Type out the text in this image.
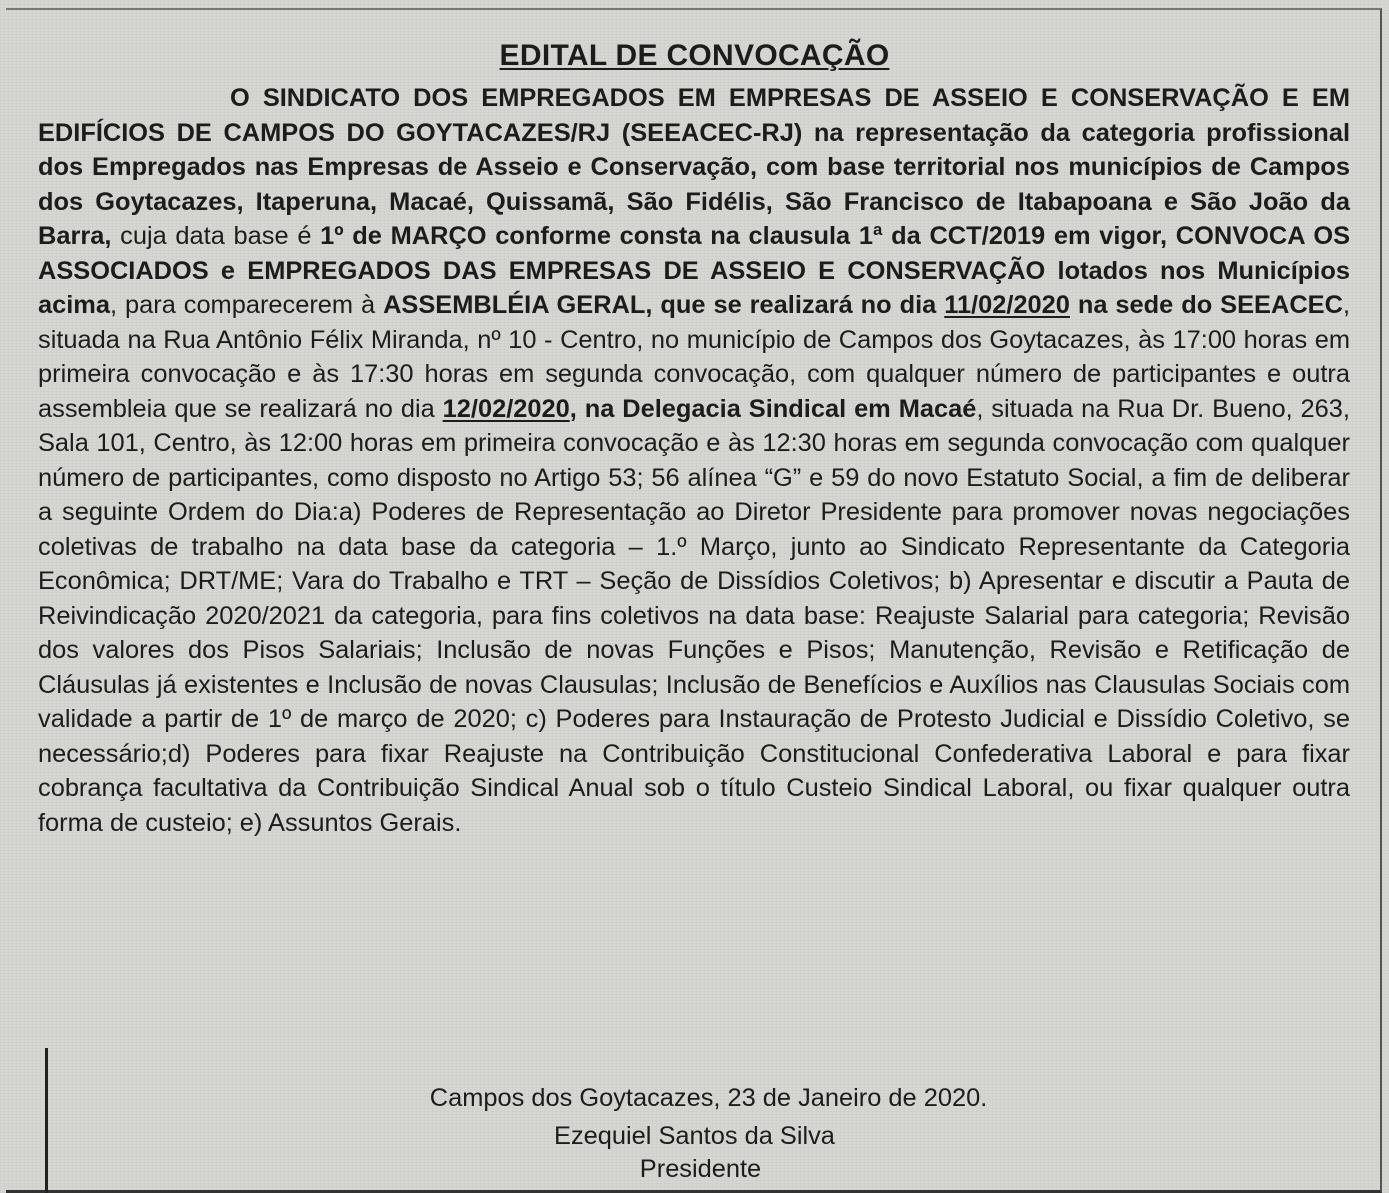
EDITAL DE CONVOCAÇÃO
O SINDICATO DOS EMPREGADOS EM EMPRESAS DE ASSEIO E CONSERVAÇÃO E EM EDIFÍCIOS DE CAMPOS DO GOYTACAZES/RJ (SEEACEC-RJ) na representação da categoria profissional dos Empregados nas Empresas de Asseio e Conservação, com base territorial nos municípios de Campos dos Goytacazes, Itaperuna, Macaé, Quissamã, São Fidélis, São Francisco de Itabapoana e São João da Barra, cuja data base é 1º de MARÇO conforme consta na clausula 1ª da CCT/2019 em vigor, CONVOCA OS ASSOCIADOS e EMPREGADOS DAS EMPRESAS DE ASSEIO E CONSERVAÇÃO lotados nos Municípios acima, para comparecerem à ASSEMBLÉIA GERAL, que se realizará no dia 11/02/2020 na sede do SEEACEC, situada na Rua Antônio Félix Miranda, nº 10 - Centro, no município de Campos dos Goytacazes, às 17:00 horas em primeira convocação e às 17:30 horas em segunda convocação, com qualquer número de participantes e outra assembleia que se realizará no dia 12/02/2020, na Delegacia Sindical em Macaé, situada na Rua Dr. Bueno, 263, Sala 101, Centro, às 12:00 horas em primeira convocação e às 12:30 horas em segunda convocação com qualquer número de participantes, como disposto no Artigo 53; 56 alínea “G” e 59 do novo Estatuto Social, a fim de deliberar a seguinte Ordem do Dia:a) Poderes de Representação ao Diretor Presidente para promover novas negociações coletivas de trabalho na data base da categoria – 1.º Março, junto ao Sindicato Representante da Categoria Econômica; DRT/ME; Vara do Trabalho e TRT – Seção de Dissídios Coletivos; b) Apresentar e discutir a Pauta de Reivindicação 2020/2021 da categoria, para fins coletivos na data base: Reajuste Salarial para categoria; Revisão dos valores dos Pisos Salariais; Inclusão de novas Funções e Pisos; Manutenção, Revisão e Retificação de Cláusulas já existentes e Inclusão de novas Clausulas; Inclusão de Benefícios e Auxílios nas Clausulas Sociais com validade a partir de 1º de março de 2020; c) Poderes para Instauração de Protesto Judicial e Dissídio Coletivo, se necessário;d) Poderes para fixar Reajuste na Contribuição Constitucional Confederativa Laboral e para fixar cobrança facultativa da Contribuição Sindical Anual sob o título Custeio Sindical Laboral, ou fixar qualquer outra forma de custeio; e) Assuntos Gerais.
Campos dos Goytacazes, 23 de Janeiro de 2020.
Ezequiel Santos da Silva
Presidente
